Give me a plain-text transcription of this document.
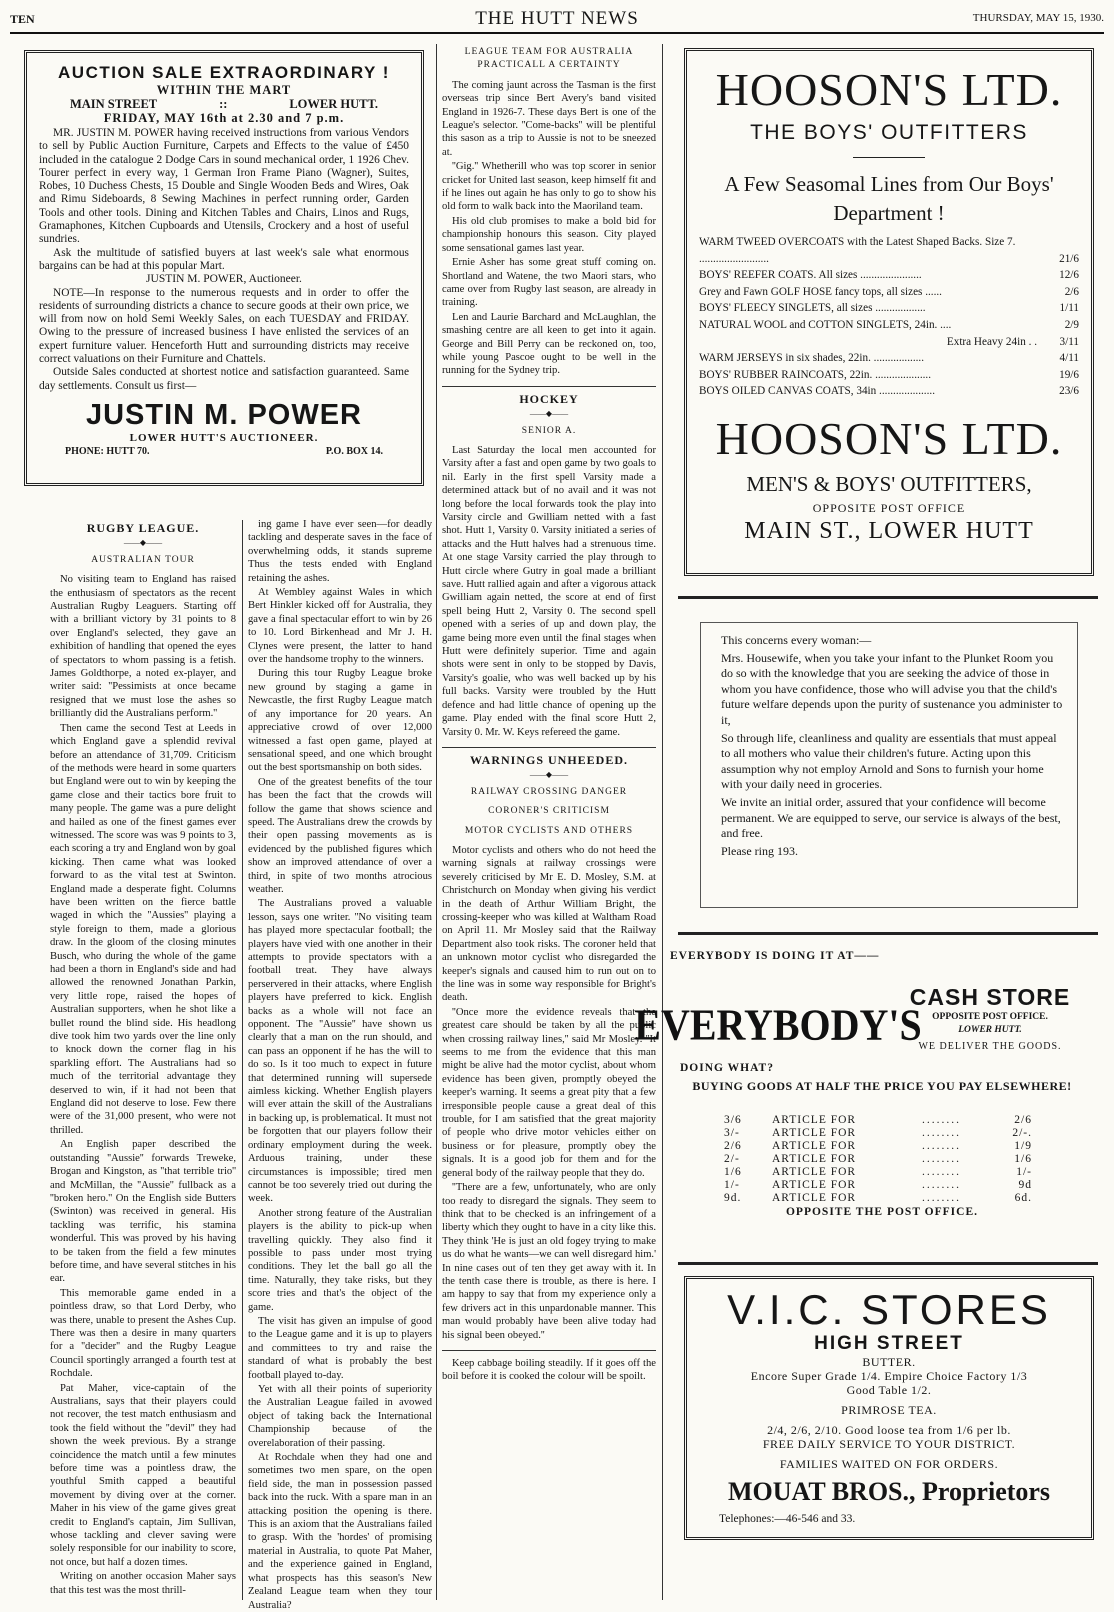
TEN	THE HUTT NEWS	THURSDAY, MAY 15, 1930.
AUCTION SALE EXTRAORDINARY !
WITHIN THE MART
MAIN STREET	::	LOWER HUTT.
FRIDAY, MAY 16th at 2.30 and 7 p.m.

MR. JUSTIN M. POWER having received instructions from various Vendors to sell by Public Auction Furniture, Carpets and Effects to the value of £450 included in the catalogue 2 Dodge Cars in sound mechanical order, 1 1926 Chev. Tourer perfect in every way, 1 German Iron Frame Piano (Wagner), Suites, Robes, 10 Duchess Chests, 15 Double and Single Wooden Beds and Wires, Oak and Rimu Sideboards, 8 Sewing Machines in perfect running order, Garden Tools and other tools. Dining and Kitchen Tables and Chairs, Linos and Rugs, Gramaphones, Kitchen Cupboards and Utensils, Crockery and a host of useful sundries.

Ask the multitude of satisfied buyers at last week's sale what enormous bargains can be had at this popular Mart.

JUSTIN M. POWER, Auctioneer.

NOTE—In response to the numerous requests and in order to offer the residents of surrounding districts a chance to secure goods at their own price, we will from now on hold Semi Weekly Sales, on each TUESDAY and FRIDAY. Owing to the pressure of increased business I have enlisted the services of an expert furniture valuer. Henceforth Hutt and surrounding districts may receive correct valuations on their Furniture and Chattels.

Outside Sales conducted at shortest notice and satisfaction guaranteed. Same day settlements. Consult us first—

JUSTIN M. POWER
LOWER HUTT'S AUCTIONEER.
PHONE: HUTT 70.	P.O. BOX 14.
RUGBY LEAGUE.
——◆——
AUSTRALIAN TOUR

No visiting team to England has raised the enthusiasm of spectators as the recent Australian Rugby Leaguers. Starting off with a brilliant victory by 31 points to 8 over England's selected, they gave an exhibition of handling that opened the eyes of spectators to whom passing is a fetish. James Goldthorpe, a noted ex-player, and writer said: ''Pessimists at once became resigned that we must lose the ashes so brilliantly did the Australians perform.''

Then came the second Test at Leeds in which England gave a splendid revival before an attendance of 31,709. Criticism of the methods were heard in some quarters but England were out to win by keeping the game close and their tactics bore fruit to many people. The game was a pure delight and hailed as one of the finest games ever witnessed. The score was was 9 points to 3, each scoring a try and England won by goal kicking. Then came what was looked forward to as the vital test at Swinton. England made a desperate fight. Columns have been written on the fierce battle waged in which the ''Aussies'' playing a style foreign to them, made a glorious draw. In the gloom of the closing minutes Busch, who during the whole of the game had been a thorn in England's side and had allowed the renowned Jonathan Parkin, very little rope, raised the hopes of Australian supporters, when he shot like a bullet round the blind side. His headlong dive took him two yards over the line only to knock down the corner flag in his sparkling effort. The Australians had so much of the territorial advantage they deserved to win, if it had not been that England did not deserve to lose. Few there were of the 31,000 present, who were not thrilled.

An English paper described the outstanding ''Aussie'' forwards Treweke, Brogan and Kingston, as ''that terrible trio'' and McMillan, the ''Aussie'' fullback as a ''broken hero.'' On the English side Butters (Swinton) was received in general. His tackling was terrific, his stamina wonderful. This was proved by his having to be taken from the field a few minutes before time, and have several stitches in his ear.

This memorable game ended in a pointless draw, so that Lord Derby, who was there, unable to present the Ashes Cup. There was then a desire in many quarters for a ''decider'' and the Rugby League Council sportingly arranged a fourth test at Rochdale.

Pat Maher, vice-captain of the Australians, says that their players could not recover, the test match enthusiasm and took the field without the ''devil'' they had shown the week previous. By a strange coincidence the match until a few minutes before time was a pointless draw, the youthful Smith capped a beautiful movement by diving over at the corner. Maher in his view of the game gives great credit to England's captain, Jim Sullivan, whose tackling and clever saving were solely responsible for our inability to score, not once, but half a dozen times.

Writing on another occasion Maher says that this test was the most thrill-

ing game I have ever seen—for deadly tackling and desperate saves in the face of overwhelming odds, it stands supreme Thus the tests ended with England retaining the ashes.

At Wembley against Wales in which Bert Hinkler kicked off for Australia, they gave a final spectacular effort to win by 26 to 10. Lord Birkenhead and Mr J. H. Clynes were present, the latter to hand over the handsome trophy to the winners.

During this tour Rugby League broke new ground by staging a game in Newcastle, the first Rugby League match of any importance for 20 years. An appreciative crowd of over 12,000 witnessed a fast open game, played at sensational speed, and one which brought out the best sportsmanship on both sides.

One of the greatest benefits of the tour has been the fact that the crowds will follow the game that shows science and speed. The Australians drew the crowds by their open passing movements as is evidenced by the published figures which show an improved attendance of over a third, in spite of two months atrocious weather.

The Australians proved a valuable lesson, says one writer. ''No visiting team has played more spectacular football; the players have vied with one another in their attempts to provide spectators with a football treat. They have always perservered in their attacks, where English players have preferred to kick. English backs as a whole will not face an opponent. The ''Aussie'' have shown us clearly that a man on the run should, and can pass an opponent if he has the will to do so. Is it too much to expect in future that determined running will supersede aimless kicking. Whether English players will ever attain the skill of the Australians in backing up, is problematical. It must not be forgotten that our players follow their ordinary employment during the week. Arduous training, under these circumstances is impossible; tired men cannot be too severely tried out during the week.

Another strong feature of the Australian players is the ability to pick-up when travelling quickly. They also find it possible to pass under most trying conditions. They let the ball go all the time. Naturally, they take risks, but they score tries and that's the object of the game.

The visit has given an impulse of good to the League game and it is up to players and committees to try and raise the standard of what is probably the best football played to-day.

Yet with all their points of superiority the Australian League failed in avowed object of taking back the International Championship because of the overelaboration of their passing.

At Rochdale when they had one and sometimes two men spare, on the open field side, the man in possession passed back into the ruck. With a spare man in an attacking position the opening is there. This is an axiom that the Australians failed to grasp. With the 'hordes' of promising material in Australia, to quote Pat Maher, and the experience gained in England, what prospects has this season's New Zealand League team when they tour Australia?

LEAGUE TEAM FOR AUSTRALIA PRACTICALL A CERTAINTY

The coming jaunt across the Tasman is the first overseas trip since Bert Avery's band visited England in 1926-7. These days Bert is one of the League's selector. ''Come-backs'' will be plentiful this sason as a trip to Aussie is not to be sneezed at.

''Gig.'' Whetherill who was top scorer in senior cricket for United last season, keep himself fit and if he lines out again he has only to go to show his old form to walk back into the Maoriland team.

His old club promises to make a bold bid for championship honours this season. City played some sensational games last year.

Ernie Asher has some great stuff coming on. Shortland and Watene, the two Maori stars, who came over from Rugby last season, are already in training.

Len and Laurie Barchard and McLaughlan, the smashing centre are all keen to get into it again. George and Bill Perry can be reckoned on, too, while young Pascoe ought to be well in the running for the Sydney trip.

HOCKEY
——◆——
SENIOR A.

Last Saturday the local men accounted for Varsity after a fast and open game by two goals to nil. Early in the first spell Varsity made a determined attack but of no avail and it was not long before the local forwards took the play into Varsity circle and Gwilliam netted with a fast shot. Hutt 1, Varsity 0. Varsity initiated a series of attacks and the Hutt halves had a strenuous time. At one stage Varsity carried the play through to Hutt circle where Gutry in goal made a brilliant save. Hutt rallied again and after a vigorous attack Gwilliam again netted, the score at end of first spell being Hutt 2, Varsity 0. The second spell opened with a series of up and down play, the game being more even until the final stages when Hutt were definitely superior. Time and again shots were sent in only to be stopped by Davis, Varsity's goalie, who was well backed up by his full backs. Varsity were troubled by the Hutt defence and had little chance of opening up the game. Play ended with the final score Hutt 2, Varsity 0. Mr. W. Keys refereed the game.

WARNINGS UNHEEDED.
——◆——
RAILWAY CROSSING DANGER
CORONER'S CRITICISM
MOTOR CYCLISTS AND OTHERS

Motor cyclists and others who do not heed the warning signals at railway crossings were severely criticised by Mr E. D. Mosley, S.M. at Christchurch on Monday when giving his verdict in the death of Arthur William Bright, the crossing-keeper who was killed at Waltham Road on April 11. Mr Mosley said that the Railway Department also took risks. The coroner held that an unknown motor cyclist who disregarded the keeper's signals and caused him to run out on to the line was in some way responsible for Bright's death.

''Once more the evidence reveals that the greatest care should be taken by all the public when crossing railway lines,'' said Mr Mosley. ''It seems to me from the evidence that this man might be alive had the motor cyclist, about whom evidence has been given, promptly obeyed the keeper's warning. It seems a great pity that a few irresponsible people cause a great deal of this trouble, for I am satisfied that the great majority of people who drive motor vehicles either on business or for pleasure, promptly obey the signals. It is a good job for them and for the general body of the railway people that they do.

''There are a few, unfortunately, who are only too ready to disregard the signals. They seem to think that to be checked is an infringement of a liberty which they ought to have in a city like this. They think 'He is just an old fogey trying to make us do what he wants—we can well disregard him.' In nine cases out of ten they get away with it. In the tenth case there is trouble, as there is here. I am happy to say that from my experience only a few drivers act in this unpardonable manner. This man would probably have been alive today had his signal been obeyed.''

Keep cabbage boiling steadily. If it goes off the boil before it is cooked the colour will be spoilt.

HOOSON'S LTD.
THE BOYS' OUTFITTERS
A Few Seasomal Lines from Our Boys' Department !
WARM TWEED OVERCOATS with the Latest Shaped Backs. Size 7. .........................	21/6
BOYS' REEFER COATS. All sizes ......................	12/6
Grey and Fawn GOLF HOSE fancy tops, all sizes ......	2/6
BOYS' FLEECY SINGLETS, all sizes ..................	1/11
NATURAL WOOL and COTTON SINGLETS, 24in. ....	2/9
Extra Heavy 24in . .	3/11
WARM JERSEYS in six shades, 22in. ..................	4/11
BOYS' RUBBER RAINCOATS, 22in. ....................	19/6
BOYS OILED CANVAS COATS, 34in ....................	23/6
HOOSON'S LTD.
MEN'S & BOYS' OUTFITTERS,
OPPOSITE POST OFFICE
MAIN ST., LOWER HUTT

This concerns every woman:—

Mrs. Housewife, when you take your infant to the Plunket Room you do so with the knowledge that you are seeking the advice of those in whom you have confidence, those who will advise you that the child's future welfare depends upon the purity of sustenance you administer to it,

So through life, cleanliness and quality are essentials that must appeal to all mothers who value their children's future. Acting upon this assumption why not employ Arnold and Sons to furnish your home with your daily need in groceries.

We invite an initial order, assured that your confidence will become permanent. We are equipped to serve, our service is always of the best, and free.

Please ring 193.

EVERYBODY IS DOING IT AT——
EVERYBODY'S
CASH STORE
OPPOSITE POST OFFICE.
LOWER HUTT.
WE DELIVER THE GOODS.
DOING WHAT?
BUYING GOODS AT HALF THE PRICE YOU PAY ELSEWHERE!
3/6	ARTICLE FOR	........	2/6
3/-	ARTICLE FOR	........	2/-.
2/6	ARTICLE FOR	........	1/9
2/-	ARTICLE FOR	........	1/6
1/6	ARTICLE FOR	........	1/-
1/-	ARTICLE FOR	........	9d
9d.	ARTICLE FOR	........	6d.
OPPOSITE THE POST OFFICE.
V.I.C. STORES
HIGH STREET
BUTTER.
Encore Super Grade 1/4. Empire Choice Factory 1/3
Good Table 1/2.
PRIMROSE TEA.
2/4, 2/6, 2/10. Good loose tea from 1/6 per lb.
FREE DAILY SERVICE TO YOUR DISTRICT.
FAMILIES WAITED ON FOR ORDERS.
MOUAT BROS., Proprietors
Telephones:—46-546 and 33.
